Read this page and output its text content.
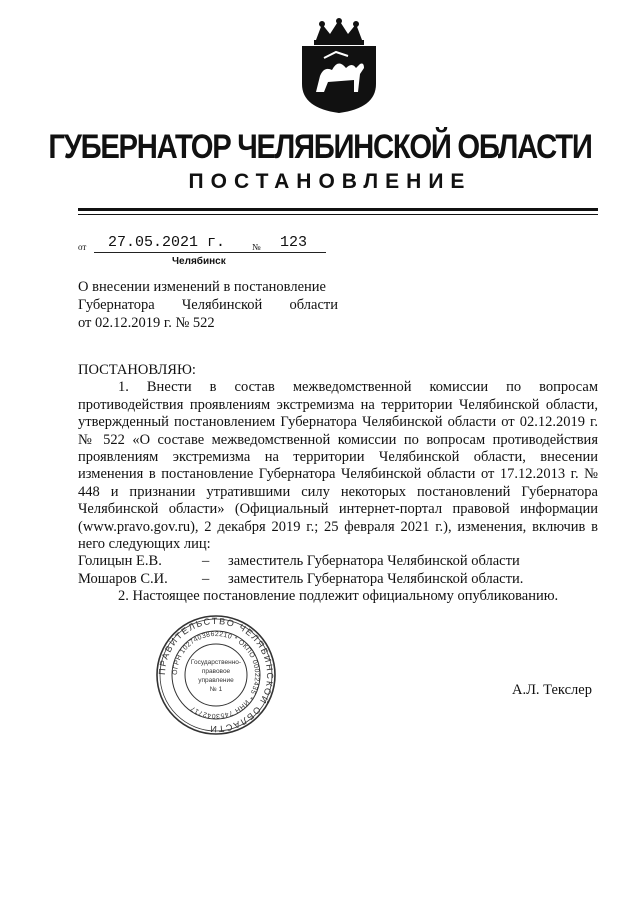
ГУБЕРНАТОР ЧЕЛЯБИНСКОЙ ОБЛАСТИ
ПОСТАНОВЛЕНИЕ
от 27.05.2021 г.	№ 123
Челябинск
О внесении изменений в постановление
Губернатора Челябинской области
от 02.12.2019 г. № 522

ПОСТАНОВЛЯЮ:

1. Внести в состав межведомственной комиссии по вопросам противодействия проявлениям экстремизма на территории Челябинской области, утвержденный постановлением Губернатора Челябинской области от 02.12.2019 г. № 522 «О составе межведомственной комиссии по вопросам противодействия проявлениям экстремизма на территории Челябинской области, внесении изменения в постановление Губернатора Челябинской области от 17.12.2013 г. № 448 и признании утратившими силу некоторых постановлений Губернатора Челябинской области» (Официальный интернет-портал правовой информации (www.pravo.gov.ru), 2 декабря 2019 г.; 25 февраля 2021 г.), изменения, включив в него следующих лиц:

Голицын Е.В.	–	заместитель Губернатора Челябинской области
Мошаров С.И.	–	заместитель Губернатора Челябинской области.

2. Настоящее постановление подлежит официальному опубликованию.

ПРАВИТЕЛЬСТВО ЧЕЛЯБИНСКОЙ ОБЛАСТИ
ОГРН 1027403862210 * ОКПО 00022435 * ИНН 7453042717
Государственно-
правовое
управление
№ 1	А.Л. Текслер
